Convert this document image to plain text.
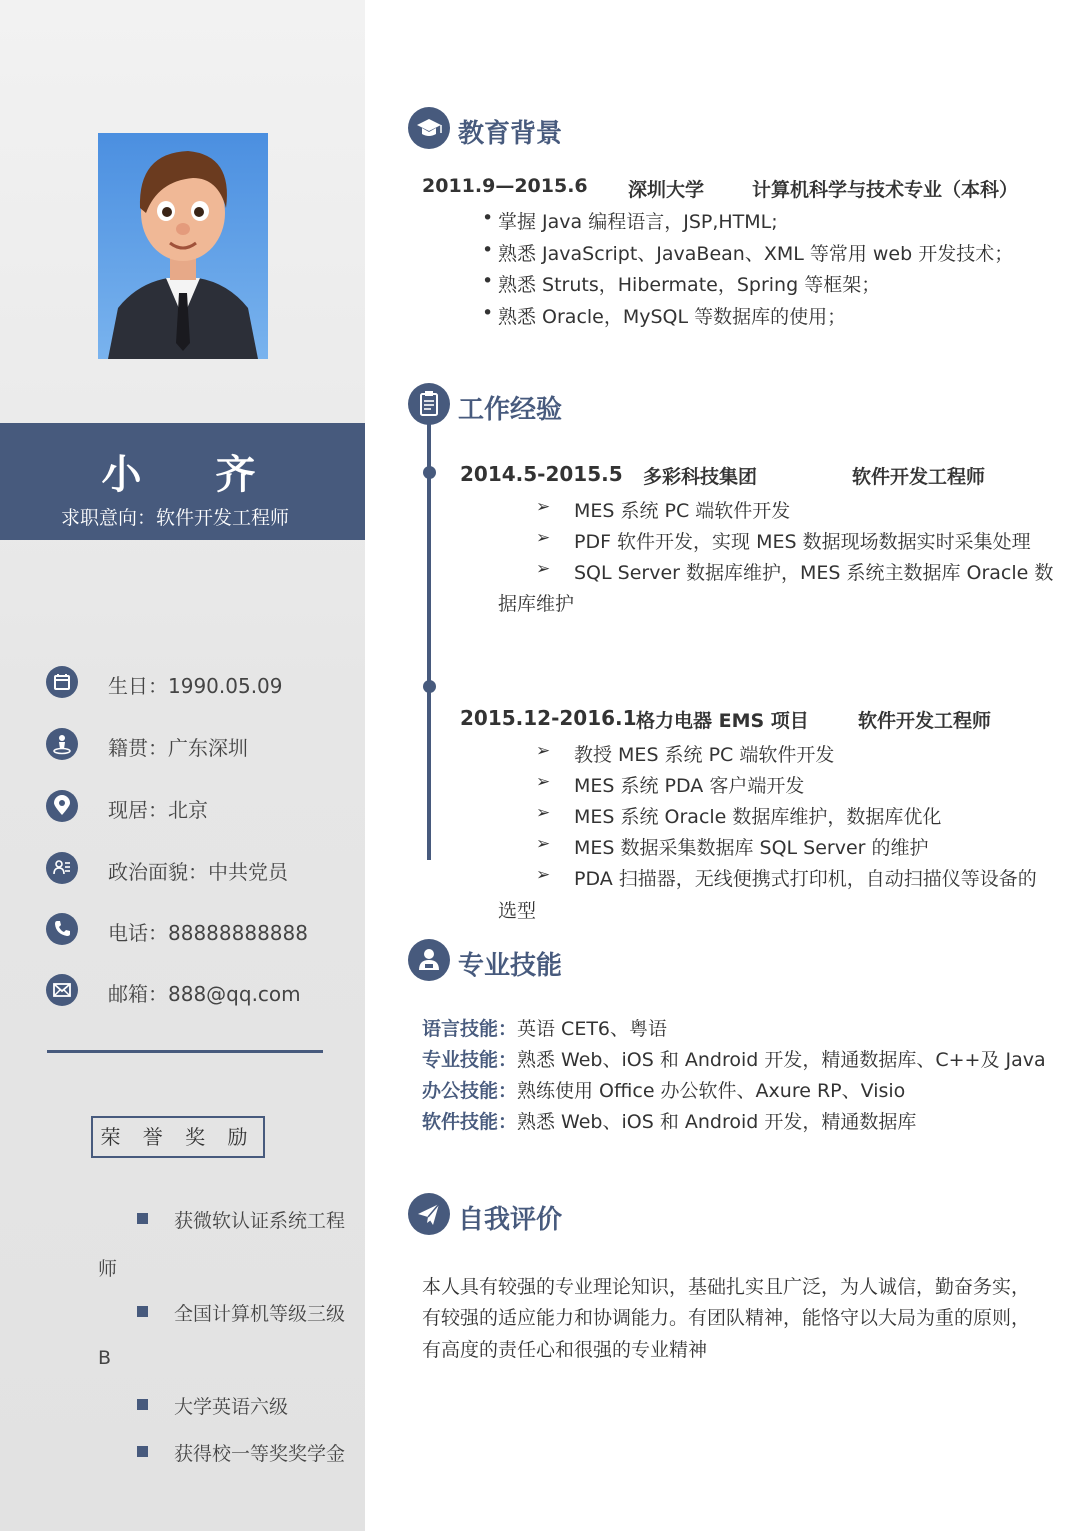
小 齐
求职意向：软件开发工程师
生日：1990.05.09
籍贯：广东深圳
现居：北京
政治面貌：中共党员
电话：88888888888
邮箱：888@qq.com
荣 誉 奖 励
获微软认证系统工程
师
全国计算机等级三级
B
大学英语六级
获得校一等奖奖学金
教育背景
2011.9—2015.6 深圳大学	计算机科学与技术专业（本科）
• 掌握 Java 编程语言，JSP,HTML;
• 熟悉 JavaScript、JavaBean、XML 等常用 web 开发技术；
• 熟悉 Struts，Hibermate，Spring 等框架；
• 熟悉 Oracle，MySQL 等数据库的使用；
工作经验
2014.5-2015.5 多彩科技集团	软件开发工程师
➢ MES 系统 PC 端软件开发
➢ PDF 软件开发，实现 MES 数据现场数据实时采集处理
➢ SQL Server 数据库维护，MES 系统主数据库 Oracle 数
据库维护
2015.12-2016.1 格力电器 EMS 项目	软件开发工程师
➢ 教授 MES 系统 PC 端软件开发
➢ MES 系统 PDA 客户端开发
➢ MES 系统 Oracle 数据库维护，数据库优化
➢ MES 数据采集数据库 SQL Server 的维护
➢ PDA 扫描器，无线便携式打印机，自动扫描仪等设备的
选型
专业技能
语言技能：英语 CET6、粤语
专业技能：熟悉 Web、iOS 和 Android 开发，精通数据库、C++及 Java
办公技能：熟练使用 Office 办公软件、Axure RP、Visio
软件技能：熟悉 Web、iOS 和 Android 开发，精通数据库
自我评价
本人具有较强的专业理论知识，基础扎实且广泛，为人诚信，勤奋务实，
有较强的适应能力和协调能力。有团队精神，能恪守以大局为重的原则，
有高度的责任心和很强的专业精神
